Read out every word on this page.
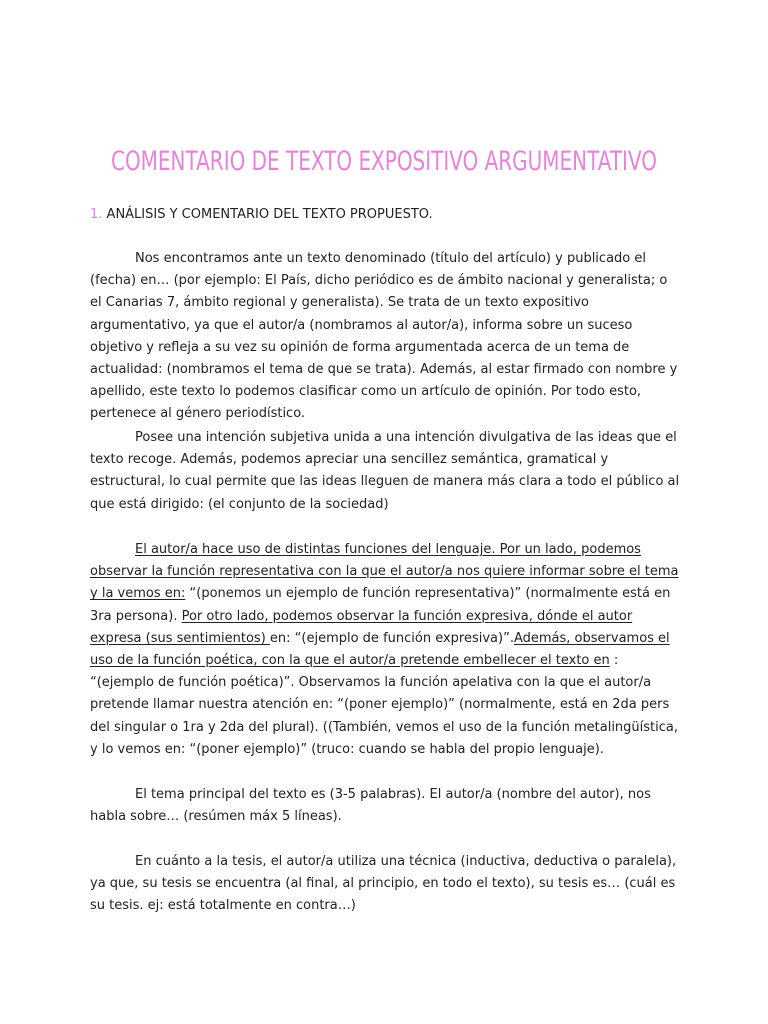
COMENTARIO DE TEXTO EXPOSITIVO ARGUMENTATIVO
1. ANÁLISIS Y COMENTARIO DEL TEXTO PROPUESTO.

Nos encontramos ante un texto denominado (título del artículo) y publicado el (fecha) en… (por ejemplo: El País, dicho periódico es de ámbito nacional y generalista; o el Canarias 7, ámbito regional y generalista). Se trata de un texto expositivo argumentativo, ya que el autor/a (nombramos al autor/a), informa sobre un suceso objetivo y refleja a su vez su opinión de forma argumentada acerca de un tema de actualidad: (nombramos el tema de que se trata). Además, al estar firmado con nombre y apellido, este texto lo podemos clasificar como un artículo de opinión. Por todo esto, pertenece al género periodístico.

Posee una intención subjetiva unida a una intención divulgativa de las ideas que el texto recoge. Además, podemos apreciar una sencillez semántica, gramatical y estructural, lo cual permite que las ideas lleguen de manera más clara a todo el público al que está dirigido: (el conjunto de la sociedad)

El autor/a hace uso de distintas funciones del lenguaje. Por un lado, podemos observar la función representativa con la que el autor/a nos quiere informar sobre el tema y la vemos en: “(ponemos un ejemplo de función representativa)” (normalmente está en 3ra persona). Por otro lado, podemos observar la función expresiva, dónde el autor expresa (sus sentimientos) en: “(ejemplo de función expresiva)”.Además, observamos el uso de la función poética, con la que el autor/a pretende embellecer el texto en : “(ejemplo de función poética)”. Observamos la función apelativa con la que el autor/a pretende llamar nuestra atención en: “(poner ejemplo)” (normalmente, está en 2da pers del singular o 1ra y 2da del plural). ((También, vemos el uso de la función metalingüística, y lo vemos en: “(poner ejemplo)” (truco: cuando se habla del propio lenguaje).

El tema principal del texto es (3-5 palabras). El autor/a (nombre del autor), nos habla sobre… (resúmen máx 5 líneas).

En cuánto a la tesis, el autor/a utiliza una técnica (inductiva, deductiva o paralela), ya que, su tesis se encuentra (al final, al principio, en todo el texto), su tesis es… (cuál es su tesis. ej: está totalmente en contra…)
